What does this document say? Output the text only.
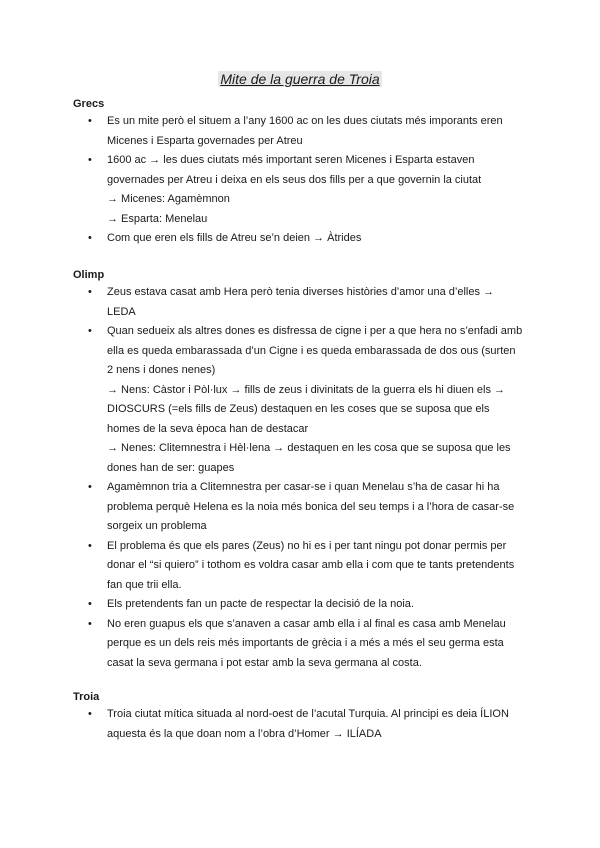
Mite de la guerra de Troia
Grecs
• Es un mite però el situem a l’any 1600 ac on les dues ciutats més imporants eren
Micenes i Esparta governades per Atreu
• 1600 ac → les dues ciutats més important seren Micenes i Esparta estaven
governades per Atreu i deixa en els seus dos fills per a que governin la ciutat
→ Micenes: Agamèmnon
→ Esparta: Menelau
• Com que eren els fills de Atreu se’n deien → Àtrides
Olimp
• Zeus estava casat amb Hera però tenia diverses històries d’amor una d’elles →
LEDA
• Quan sedueix als altres dones es disfressa de cigne i per a que hera no s’enfadi amb
ella es queda embarassada d’un Cigne i es queda embarassada de dos ous (surten
2 nens i dones nenes)
→ Nens: Càstor i Pòl·lux → fills de zeus i divinitats de la guerra els hi diuen els →
DIOSCURS (=els fills de Zeus) destaquen en les coses que se suposa que els
homes de la seva època han de destacar
→ Nenes: Clitemnestra i Hèl·lena → destaquen en les cosa que se suposa que les
dones han de ser: guapes
• Agamèmnon tria a Clitemnestra per casar-se i quan Menelau s’ha de casar hi ha
problema perquè Helena es la noia més bonica del seu temps i a l’hora de casar-se
sorgeix un problema
• El problema és que els pares (Zeus) no hi es i per tant ningu pot donar permis per
donar el “si quiero” i tothom es voldra casar amb ella i com que te tants pretendents
fan que trii ella.
• Els pretendents fan un pacte de respectar la decisió de la noia.
• No eren guapus els que s’anaven a casar amb ella i al final es casa amb Menelau
perque es un dels reis més importants de grècia i a més a més el seu germa esta
casat la seva germana i pot estar amb la seva germana al costa.
Troia
• Troia ciutat mítica situada al nord-oest de l’acutal Turquia. Al principi es deia ÍLION
aquesta és la que doan nom a l’obra d’Homer → ILÍADA
